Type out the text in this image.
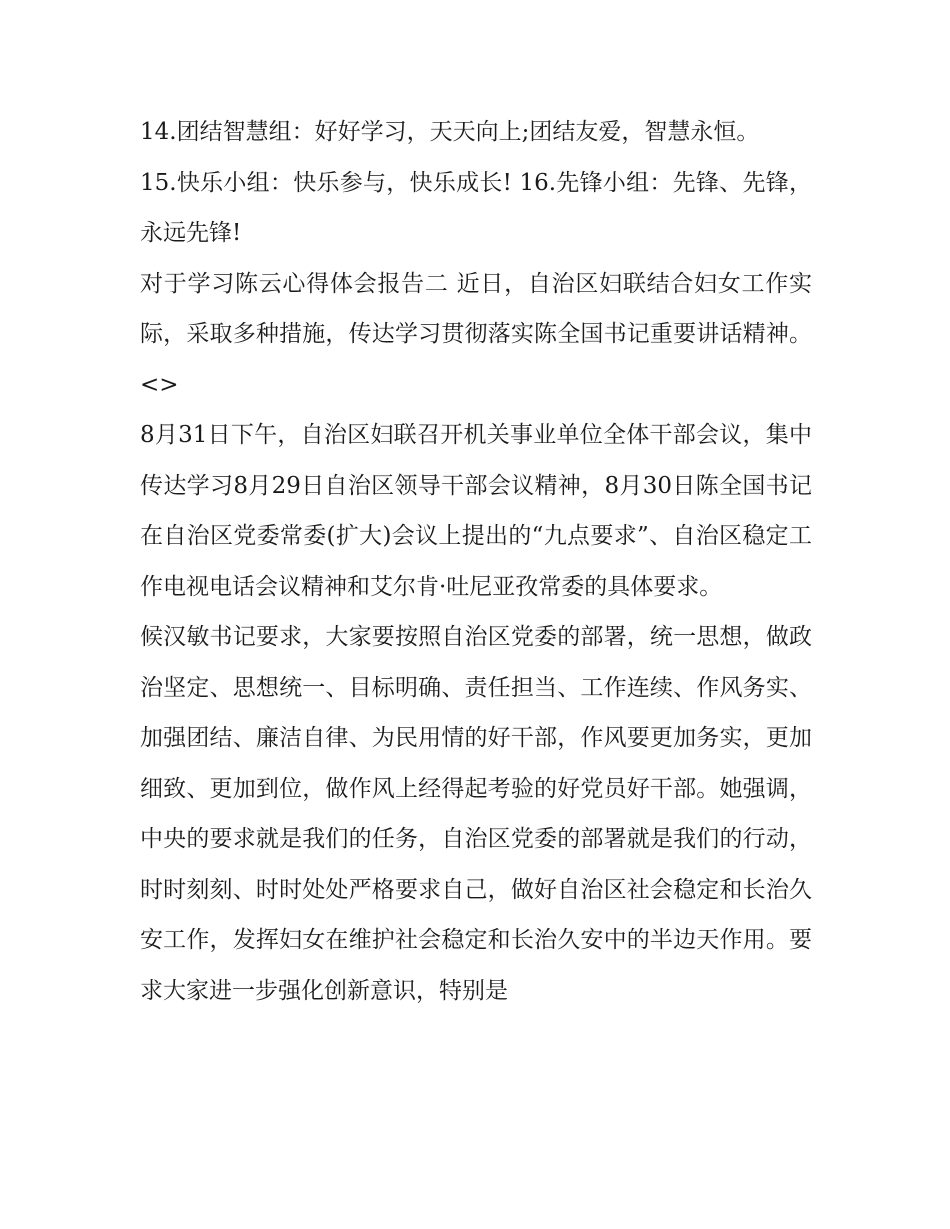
14.团结智慧组：好好学习，天天向上;团结友爱，智慧永恒。

15.快乐小组：快乐参与，快乐成长! 16.先锋小组：先锋、先锋，永远先锋!

对于学习陈云心得体会报告二 近日，自治区妇联结合妇女工作实际，采取多种措施，传达学习贯彻落实陈全国书记重要讲话精神。 <>

8月31日下午，自治区妇联召开机关事业单位全体干部会议，集中传达学习8月29日自治区领导干部会议精神，8月30日陈全国书记在自治区党委常委(扩大)会议上提出的“九点要求”、自治区稳定工作电视电话会议精神和艾尔肯·吐尼亚孜常委的具体要求。

候汉敏书记要求，大家要按照自治区党委的部署，统一思想，做政治坚定、思想统一、目标明确、责任担当、工作连续、作风务实、加强团结、廉洁自律、为民用情的好干部，作风要更加务实，更加细致、更加到位，做作风上经得起考验的好党员好干部。她强调，中央的要求就是我们的任务，自治区党委的部署就是我们的行动，时时刻刻、时时处处严格要求自己，做好自治区社会稳定和长治久安工作，发挥妇女在维护社会稳定和长治久安中的半边天作用。要求大家进一步强化创新意识，特别是
